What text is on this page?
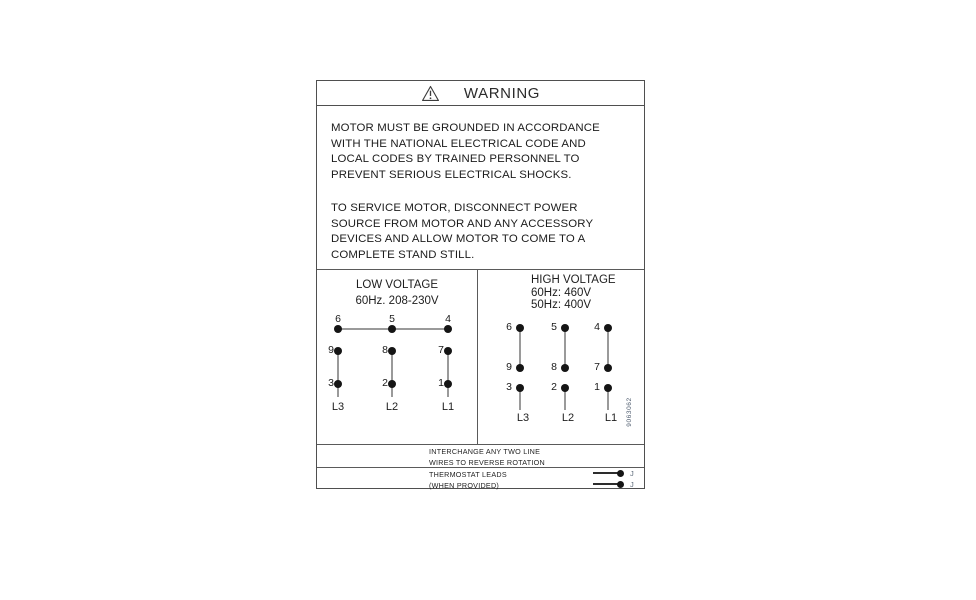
WARNING

MOTOR MUST BE GROUNDED IN ACCORDANCE
WITH THE NATIONAL ELECTRICAL CODE AND
LOCAL CODES BY TRAINED PERSONNEL TO
PREVENT SERIOUS ELECTRICAL SHOCKS.

TO SERVICE MOTOR, DISCONNECT POWER
SOURCE FROM MOTOR AND ANY ACCESSORY
DEVICES AND ALLOW MOTOR TO COME TO A
COMPLETE STAND STILL.

LOW VOLTAGE
60Hz. 208-230V
6	5	4
9	8	7
3	2	1
L3	L2	L1
HIGH VOLTAGE
60Hz: 460V
50Hz: 400V
6	5	4
9	8	7
3	2	1
L3	L2	L1	9063062
INTERCHANGE ANY TWO LINE
WIRES TO REVERSE ROTATION
THERMOSTAT LEADS
(WHEN PROVIDED)
J
J
